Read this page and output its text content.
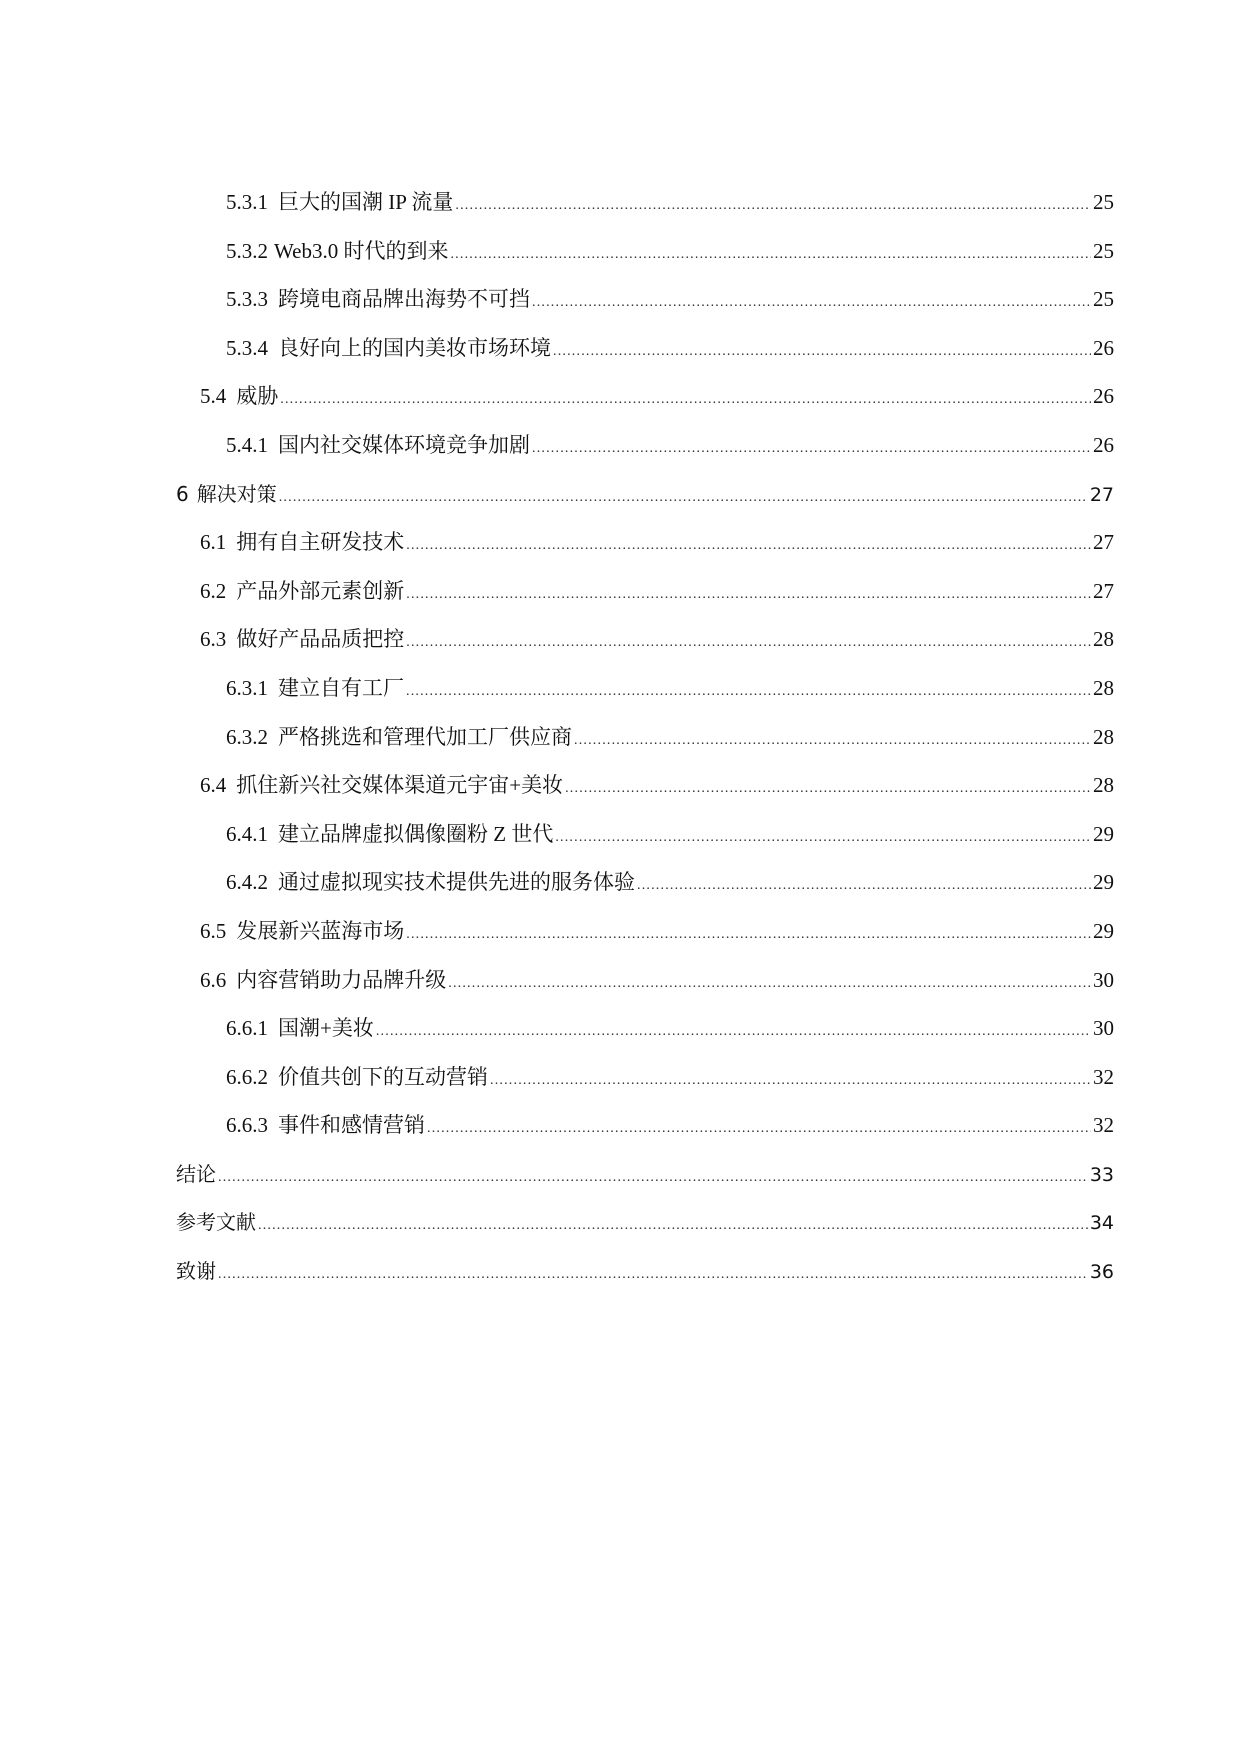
5.3.1 巨大的国潮 IP 流量 .....	25
5.3.2 Web3.0 时代的到来 .....	25
5.3.3 跨境电商品牌出海势不可挡 .....	25
5.3.4 良好向上的国内美妆市场环境 .....	26
5.4 威胁 .....	26
5.4.1 国内社交媒体环境竞争加剧 .....	26
6 解决对策 .....	27
6.1 拥有自主研发技术 .....	27
6.2 产品外部元素创新 .....	27
6.3 做好产品品质把控 .....	28
6.3.1 建立自有工厂 .....	28
6.3.2 严格挑选和管理代加工厂供应商 .....	28
6.4 抓住新兴社交媒体渠道元宇宙+美妆 .....	28
6.4.1 建立品牌虚拟偶像圈粉 Z 世代 .....	29
6.4.2 通过虚拟现实技术提供先进的服务体验 .....	29
6.5 发展新兴蓝海市场 .....	29
6.6 内容营销助力品牌升级 .....	30
6.6.1 国潮+美妆 .....	30
6.6.2 价值共创下的互动营销 .....	32
6.6.3 事件和感情营销 .....	32
结论 .....	33
参考文献 .....	34
致谢 .....	36
